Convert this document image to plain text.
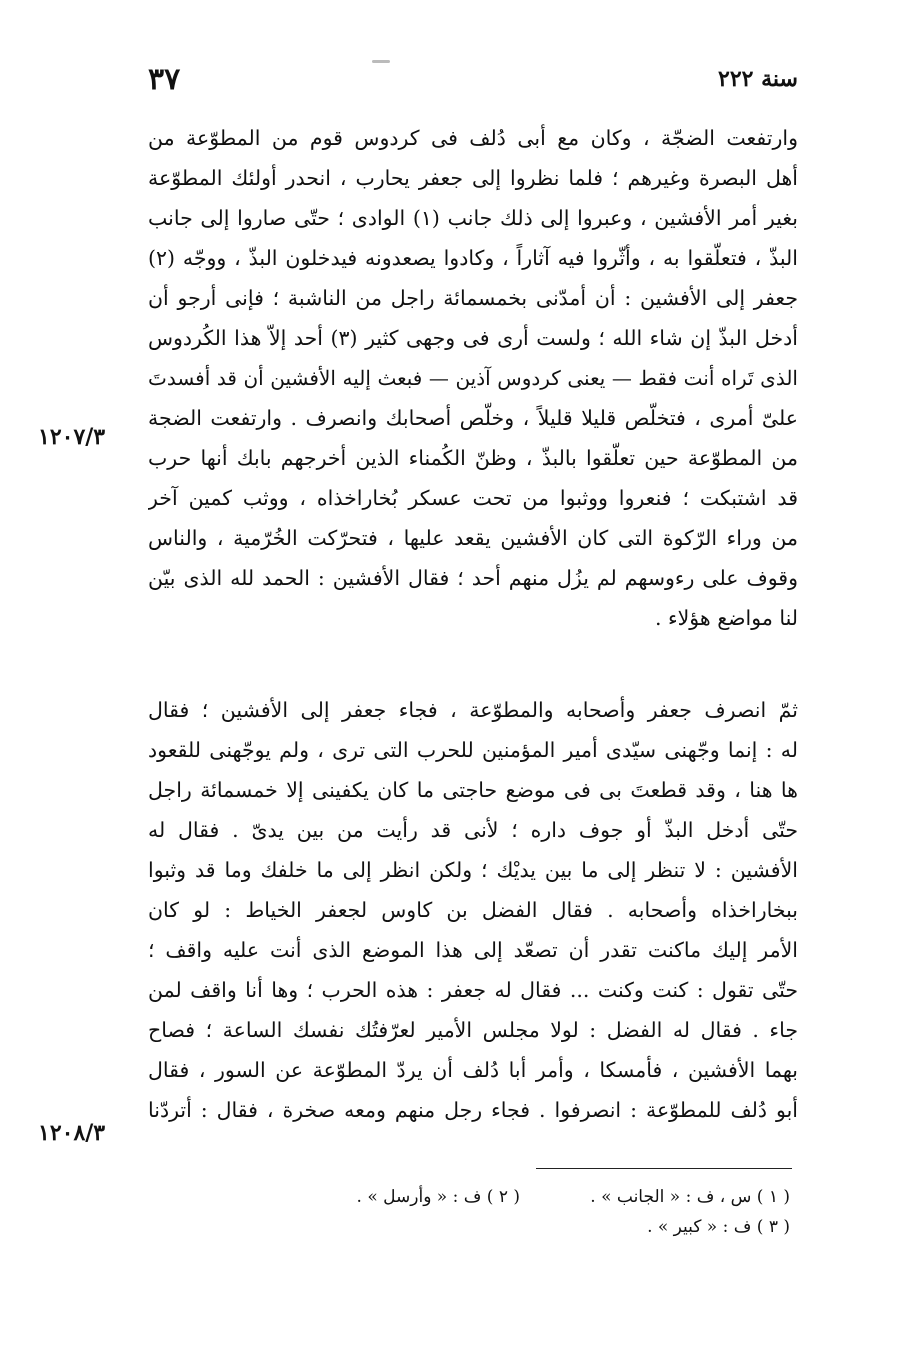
٣٧	سنة ٢٢٢
وارتفعت الضجّة ، وكان مع أبى دُلف فى كردوس قوم من المطوّعة من
أهل البصرة وغيرهم ؛ فلما نظروا إلى جعفر يحارب ، انحدر أولئك المطوّعة
بغير أمر الأفشين ، وعبروا إلى ذلك جانب (١) الوادى ؛ حتّى صاروا إلى جانب
البذّ ، فتعلّقوا به ، وأثّروا فيه آثاراً ، وكادوا يصعدونه فيدخلون البذّ ، ووجّه (٢)
جعفر إلى الأفشين : أن أمدّنى بخمسمائة راجل من الناشبة ؛ فإنى أرجو أن
أدخل البذّ إن شاء الله ؛ ولست أرى فى وجهى كثير (٣) أحد إلاّ هذا الكُردوس
الذى تَراه أنت فقط — يعنى كردوس آذين — فبعث إليه الأفشين أن قد أفسدتَ
علىّ أمرى ، فتخلّص قليلا قليلاً ، وخلّص أصحابك وانصرف . وارتفعت الضجة
من المطوّعة حين تعلّقوا بالبذّ ، وظنّ الكُمناء الذين أخرجهم بابك أنها حرب
قد اشتبكت ؛ فنعروا ووثبوا من تحت عسكر بُخاراخذاه ، ووثب كمين آخر
من وراء الرّكوة التى كان الأفشين يقعد عليها ، فتحرّكت الخُرّمية ، والناس
وقوف على رءوسهم لم يزُل منهم أحد ؛ فقال الأفشين : الحمد لله الذى بيّن
لنا مواضع هؤلاء .
ثمّ انصرف جعفر وأصحابه والمطوّعة ، فجاء جعفر إلى الأفشين ؛ فقال
له : إنما وجّهنى سيّدى أمير المؤمنين للحرب التى ترى ، ولم يوجّهنى للقعود
ها هنا ، وقد قطعتَ بى فى موضع حاجتى ما كان يكفينى إلا خمسمائة راجل
حتّى أدخل البذّ أو جوف داره ؛ لأنى قد رأيت من بين يدىّ . فقال له
الأفشين : لا تنظر إلى ما بين يديْك ؛ ولكن انظر إلى ما خلفك وما قد وثبوا
ببخاراخذاه وأصحابه . فقال الفضل بن كاوس لجعفر الخياط : لو كان
الأمر إليك ماكنت تقدر أن تصعّد إلى هذا الموضع الذى أنت عليه واقف ؛
حتّى تقول : كنت وكنت ... فقال له جعفر : هذه الحرب ؛ وها أنا واقف لمن
جاء . فقال له الفضل : لولا مجلس الأمير لعرّفتُك نفسك الساعة ؛ فصاح
بهما الأفشين ، فأمسكا ، وأمر أبا دُلف أن يردّ المطوّعة عن السور ، فقال
أبو دُلف للمطوّعة : انصرفوا . فجاء رجل منهم ومعه صخرة ، فقال : أتردّنا
١٢٠٧/٣
١٢٠٨/٣
( ١ ) س ، ف : « الجانب » .
( ٢ ) ف : « وأرسل » .
( ٣ ) ف : « كبير » .
